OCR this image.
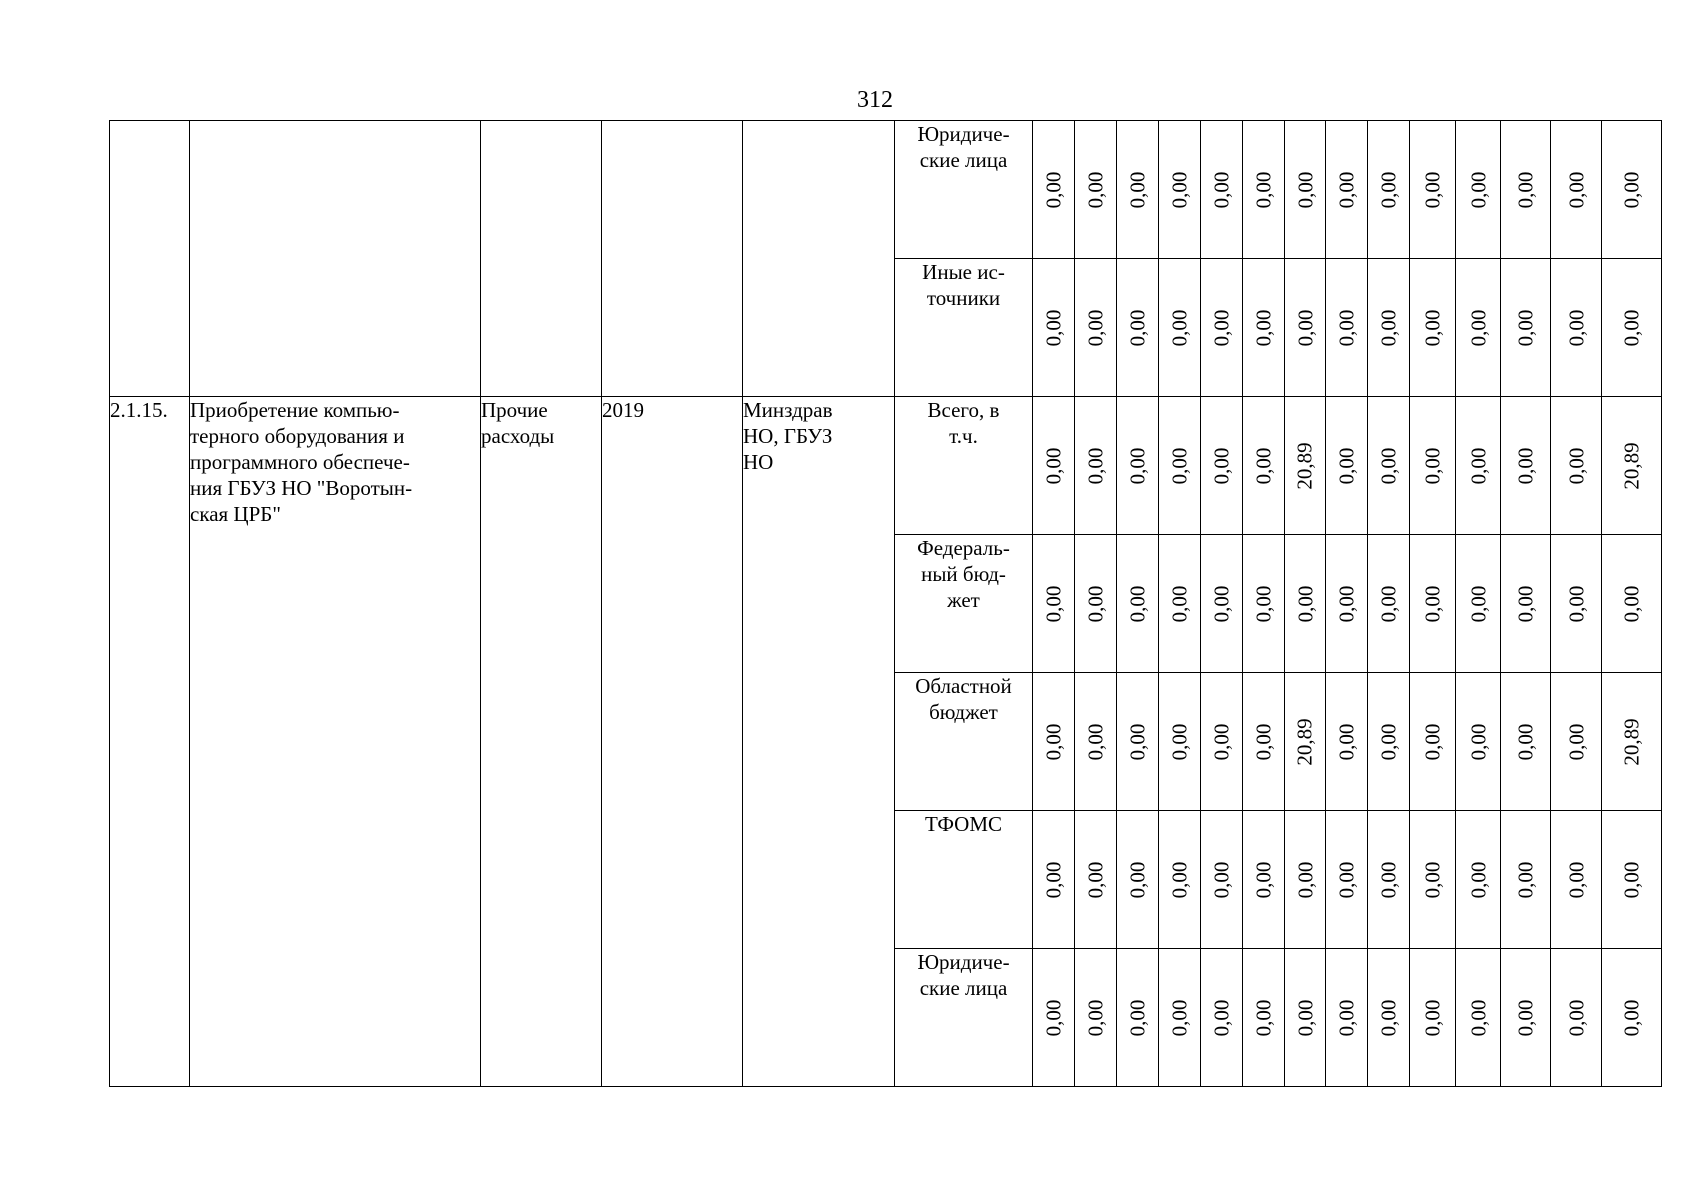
312
					Юридиче-
ские лица	0,00	0,00	0,00	0,00	0,00	0,00	0,00	0,00	0,00	0,00	0,00	0,00	0,00	0,00

					Иные ис-
точники	0,00	0,00	0,00	0,00	0,00	0,00	0,00	0,00	0,00	0,00	0,00	0,00	0,00	0,00

2.1.15.	Приобретение компью-
терного оборудования и
программного обеспече-
ния ГБУЗ НО "Воротын-
ская ЦРБ"	Прочие
расходы	2019	Минздрав
НО, ГБУЗ
НО	Всего, в
т.ч.	0,00	0,00	0,00	0,00	0,00	0,00	20,89	0,00	0,00	0,00	0,00	0,00	0,00	20,89

					Федераль-
ный бюд-
жет	0,00	0,00	0,00	0,00	0,00	0,00	0,00	0,00	0,00	0,00	0,00	0,00	0,00	0,00

					Областной
бюджет	0,00	0,00	0,00	0,00	0,00	0,00	20,89	0,00	0,00	0,00	0,00	0,00	0,00	20,89

					ТФОМС	0,00	0,00	0,00	0,00	0,00	0,00	0,00	0,00	0,00	0,00	0,00	0,00	0,00	0,00

					Юридиче-
ские лица	0,00	0,00	0,00	0,00	0,00	0,00	0,00	0,00	0,00	0,00	0,00	0,00	0,00	0,00
